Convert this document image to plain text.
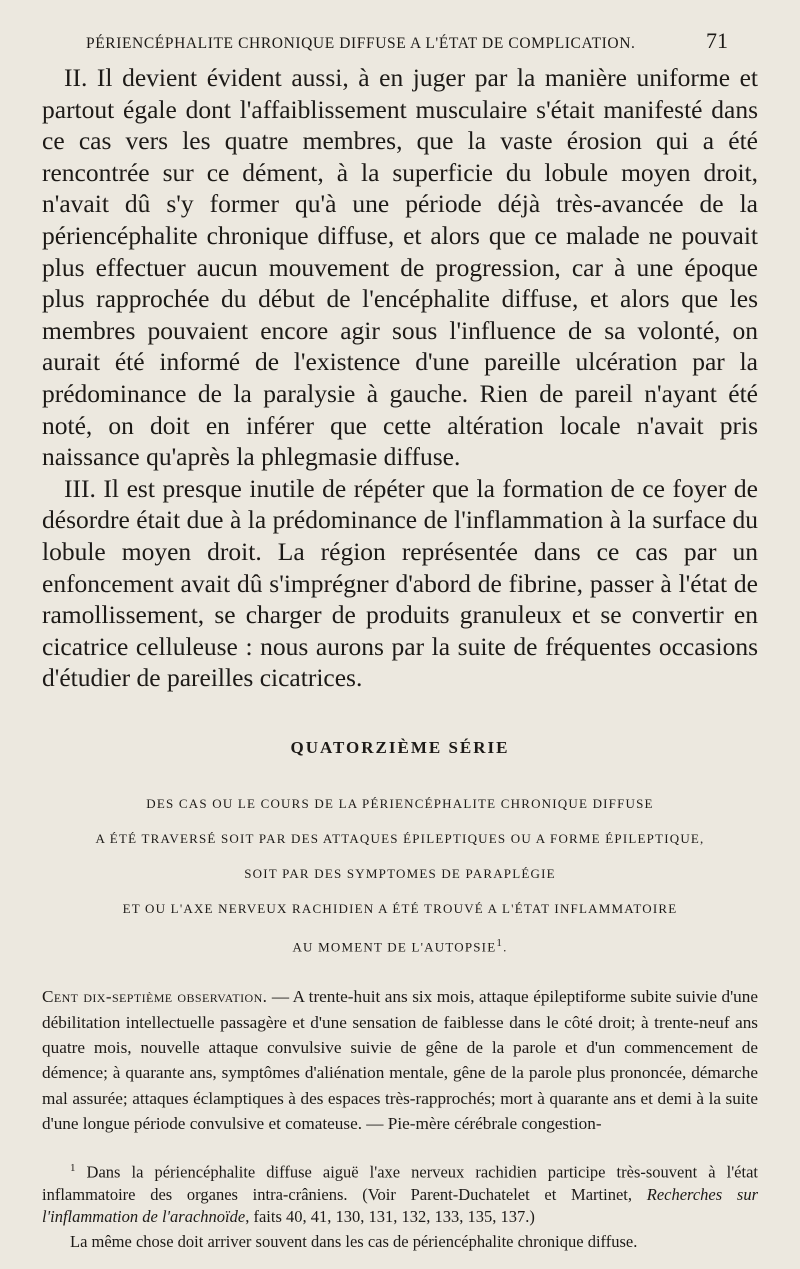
PÉRIENCÉPHALITE CHRONIQUE DIFFUSE A L'ÉTAT DE COMPLICATION.	71

II. Il devient évident aussi, à en juger par la manière uniforme et partout égale dont l'affaiblissement musculaire s'était manifesté dans ce cas vers les quatre membres, que la vaste érosion qui a été rencontrée sur ce dément, à la superficie du lobule moyen droit, n'avait dû s'y former qu'à une période déjà très-avancée de la périencéphalite chronique diffuse, et alors que ce malade ne pouvait plus effectuer aucun mouvement de progression, car à une époque plus rapprochée du début de l'encéphalite diffuse, et alors que les membres pouvaient encore agir sous l'influence de sa volonté, on aurait été informé de l'existence d'une pareille ulcération par la prédominance de la paralysie à gauche. Rien de pareil n'ayant été noté, on doit en inférer que cette altération locale n'avait pris naissance qu'après la phlegmasie diffuse.

III. Il est presque inutile de répéter que la formation de ce foyer de désordre était due à la prédominance de l'inflammation à la surface du lobule moyen droit. La région représentée dans ce cas par un enfoncement avait dû s'imprégner d'abord de fibrine, passer à l'état de ramollissement, se charger de produits granuleux et se convertir en cicatrice celluleuse : nous aurons par la suite de fréquentes occasions d'étudier de pareilles cicatrices.

QUATORZIÈME SÉRIE
DES CAS OU LE COURS DE LA PÉRIENCÉPHALITE CHRONIQUE DIFFUSE
A ÉTÉ TRAVERSÉ SOIT PAR DES ATTAQUES ÉPILEPTIQUES OU A FORME ÉPILEPTIQUE,
SOIT PAR DES SYMPTOMES DE PARAPLÉGIE
ET OU L'AXE NERVEUX RACHIDIEN A ÉTÉ TROUVÉ A L'ÉTAT INFLAMMATOIRE
AU MOMENT DE L'AUTOPSIE$^1$.
Cent dix-septième observation. — A trente-huit ans six mois, attaque épileptiforme subite suivie d'une débilitation intellectuelle passagère et d'une sensation de faiblesse dans le côté droit; à trente-neuf ans quatre mois, nouvelle attaque convulsive suivie de gêne de la parole et d'un commencement de démence; à quarante ans, symptômes d'aliénation mentale, gêne de la parole plus prononcée, démarche mal assurée; attaques éclamptiques à des espaces très-rapprochés; mort à quarante ans et demi à la suite d'une longue période convulsive et comateuse. — Pie-mère cérébrale congestion-

$^1$ Dans la périencéphalite diffuse aiguë l'axe nerveux rachidien participe très-souvent à l'état inflammatoire des organes intra-crâniens. (Voir Parent-Duchatelet et Martinet, Recherches sur l'inflammation de l'arachnoïde, faits 40, 41, 130, 131, 132, 133, 135, 137.)

La même chose doit arriver souvent dans les cas de périencéphalite chronique diffuse.
